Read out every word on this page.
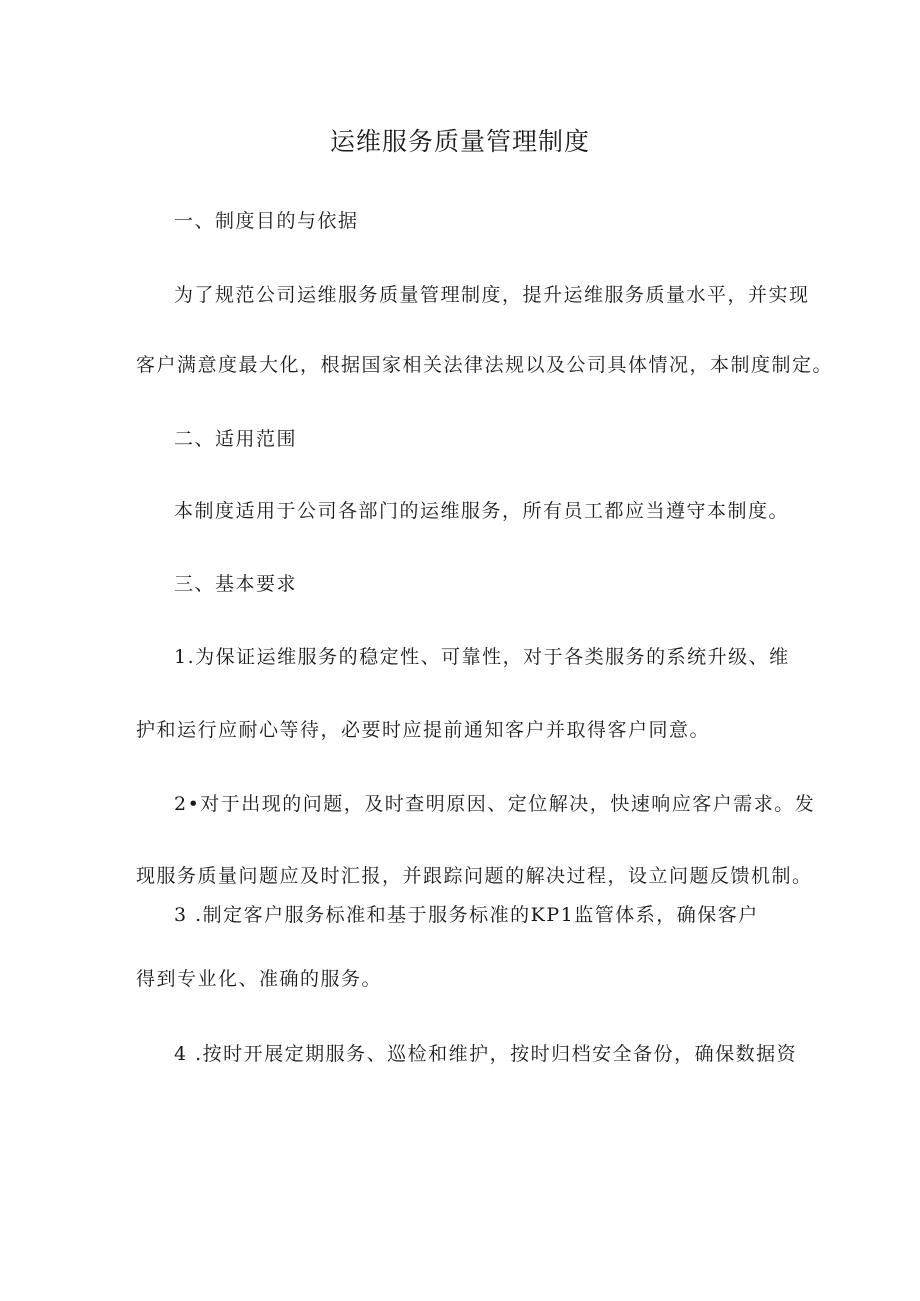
运维服务质量管理制度
一、制度目的与依据
为了规范公司运维服务质量管理制度，提升运维服务质量水平，并实现
客户满意度最大化，根据国家相关法律法规以及公司具体情况，本制度制定。
二、适用范围
本制度适用于公司各部门的运维服务，所有员工都应当遵守本制度。
三、基本要求
1.为保证运维服务的稳定性、可靠性，对于各类服务的系统升级、维
护和运行应耐心等待，必要时应提前通知客户并取得客户同意。
2•对于出现的问题，及时查明原因、定位解决，快速响应客户需求。发
现服务质量问题应及时汇报，并跟踪问题的解决过程，设立问题反馈机制。
3 .制定客户服务标准和基于服务标准的KP1监管体系，确保客户
得到专业化、准确的服务。
4 .按时开展定期服务、巡检和维护，按时归档安全备份，确保数据资
